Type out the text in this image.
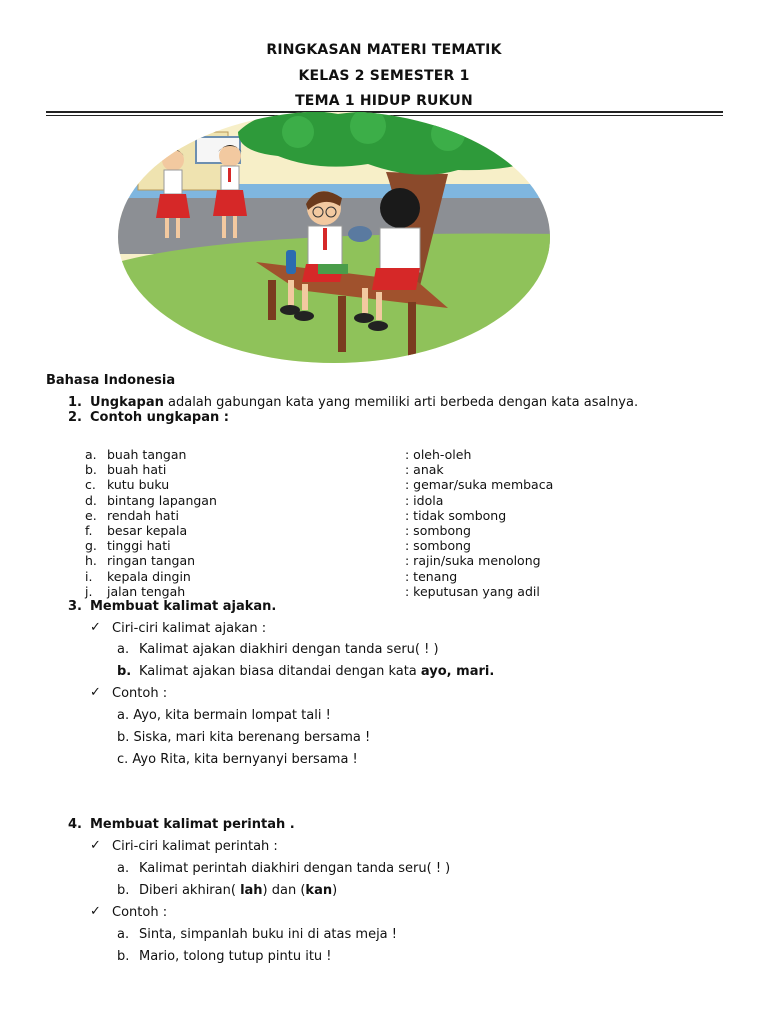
RINGKASAN MATERI TEMATIK
KELAS 2 SEMESTER 1
TEMA 1 HIDUP RUKUN
Bahasa Indonesia
1. Ungkapan adalah gabungan kata yang memiliki arti berbeda dengan kata asalnya.
2. Contoh ungkapan :
a. buah tangan	: oleh-oleh
b. buah hati	: anak
c. kutu buku	: gemar/suka membaca
d. bintang lapangan	: idola
e. rendah hati	: tidak sombong
f. besar kepala	: sombong
g. tinggi hati	: sombong
h. ringan tangan	: rajin/suka menolong
i. kepala dingin	: tenang
j. jalan tengah	: keputusan yang adil
3. Membuat kalimat ajakan.
✓ Ciri-ciri kalimat ajakan :
a. Kalimat ajakan diakhiri dengan tanda seru( ! )
b. Kalimat ajakan biasa ditandai dengan kata ayo, mari.
✓ Contoh :
a. Ayo, kita bermain lompat tali !
b. Siska, mari kita berenang bersama !
c. Ayo Rita, kita bernyanyi bersama !
4. Membuat kalimat perintah .
✓ Ciri-ciri kalimat perintah :
a. Kalimat perintah diakhiri dengan tanda seru( ! )
b. Diberi akhiran( lah) dan (kan)
✓ Contoh :
a. Sinta, simpanlah buku ini di atas meja !
b. Mario, tolong tutup pintu itu !
